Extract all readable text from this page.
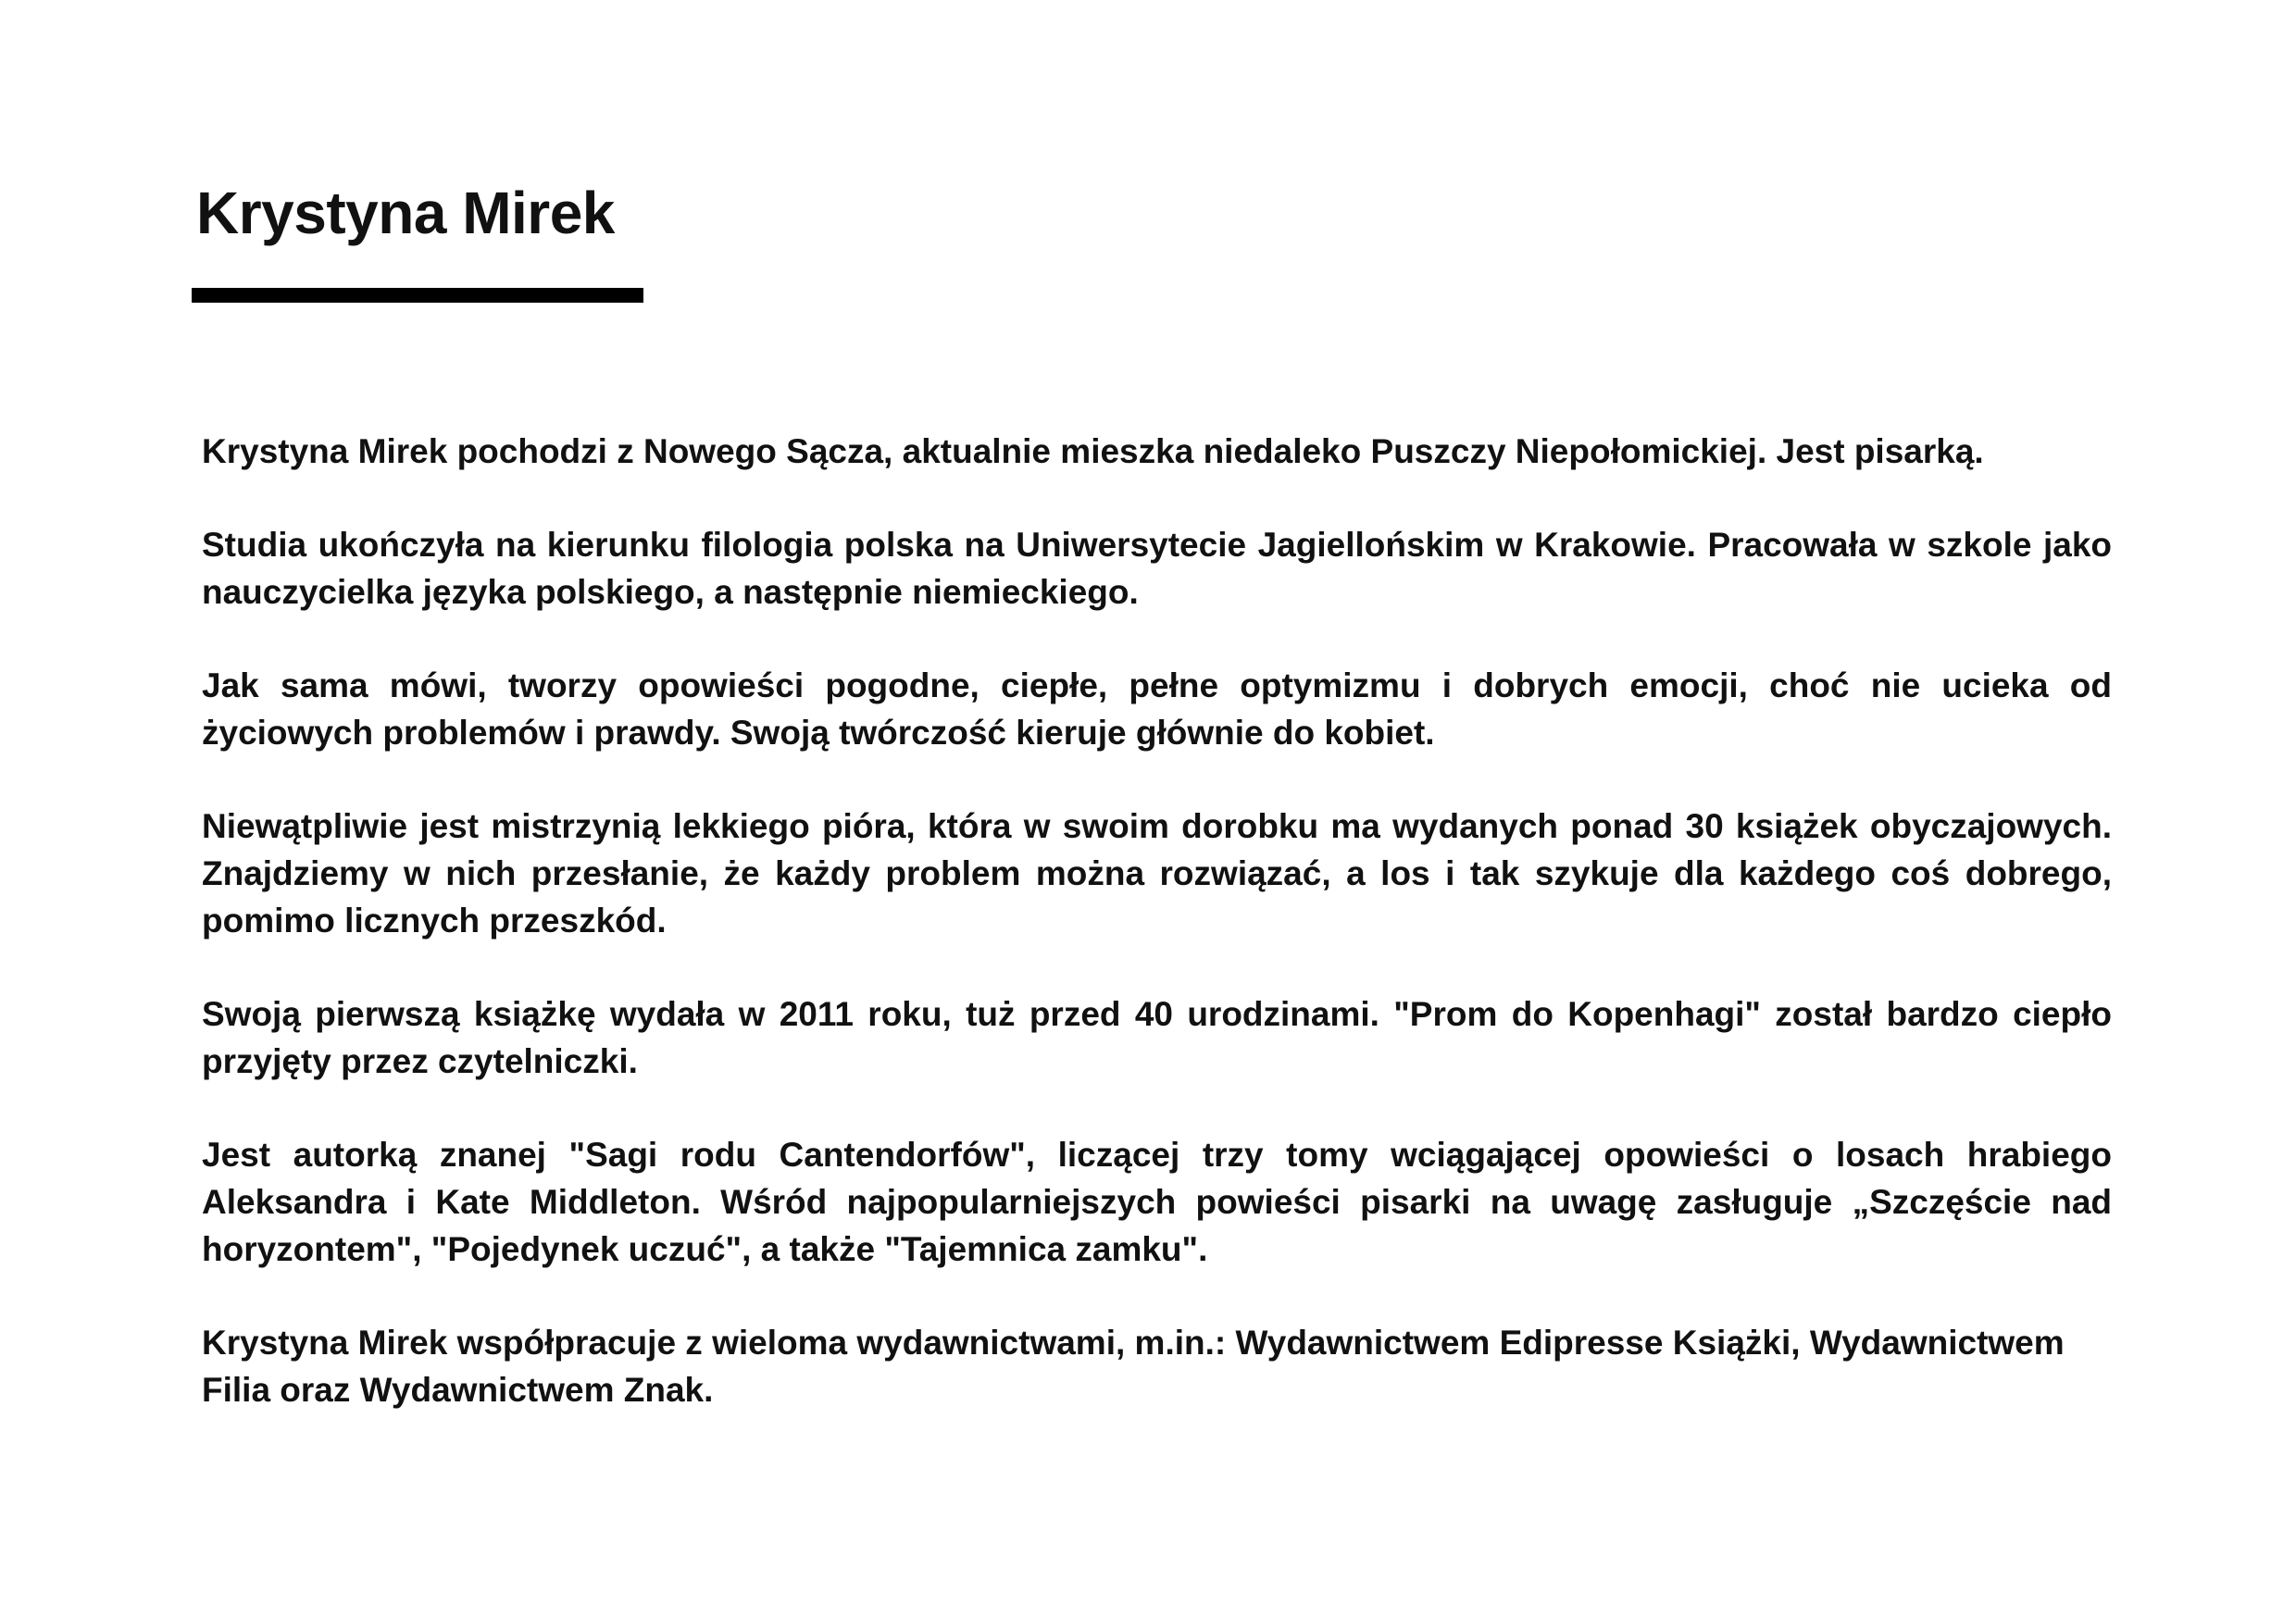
Krystyna Mirek

Krystyna Mirek pochodzi z Nowego Sącza, aktualnie mieszka niedaleko Puszczy Niepołomickiej. Jest pisarką.

Studia ukończyła na kierunku filologia polska na Uniwersytecie Jagiellońskim w Krakowie. Pracowała w szkole jako nauczycielka języka polskiego, a następnie niemieckiego.

Jak sama mówi, tworzy opowieści pogodne, ciepłe, pełne optymizmu i dobrych emocji, choć nie ucieka od życiowych problemów i prawdy. Swoją twórczość kieruje głównie do kobiet.

Niewątpliwie jest mistrzynią lekkiego pióra, która w swoim dorobku ma wydanych ponad 30 książek obyczajowych. Znajdziemy w nich przesłanie, że każdy problem można rozwiązać, a los i tak szykuje dla każdego coś dobrego, pomimo licznych przeszkód.

Swoją pierwszą książkę wydała w 2011 roku, tuż przed 40 urodzinami. "Prom do Kopenhagi" został bardzo ciepło przyjęty przez czytelniczki.

Jest autorką znanej "Sagi rodu Cantendorfów", liczącej trzy tomy wciągającej opowieści o losach hrabiego Aleksandra i Kate Middleton. Wśród najpopularniejszych powieści pisarki na uwagę zasługuje „Szczęście nad horyzontem", "Pojedynek uczuć", a także "Tajemnica zamku".

Krystyna Mirek współpracuje z wieloma wydawnictwami, m.in.: Wydawnictwem Edipresse Książki, Wydawnictwem Filia oraz Wydawnictwem Znak.
